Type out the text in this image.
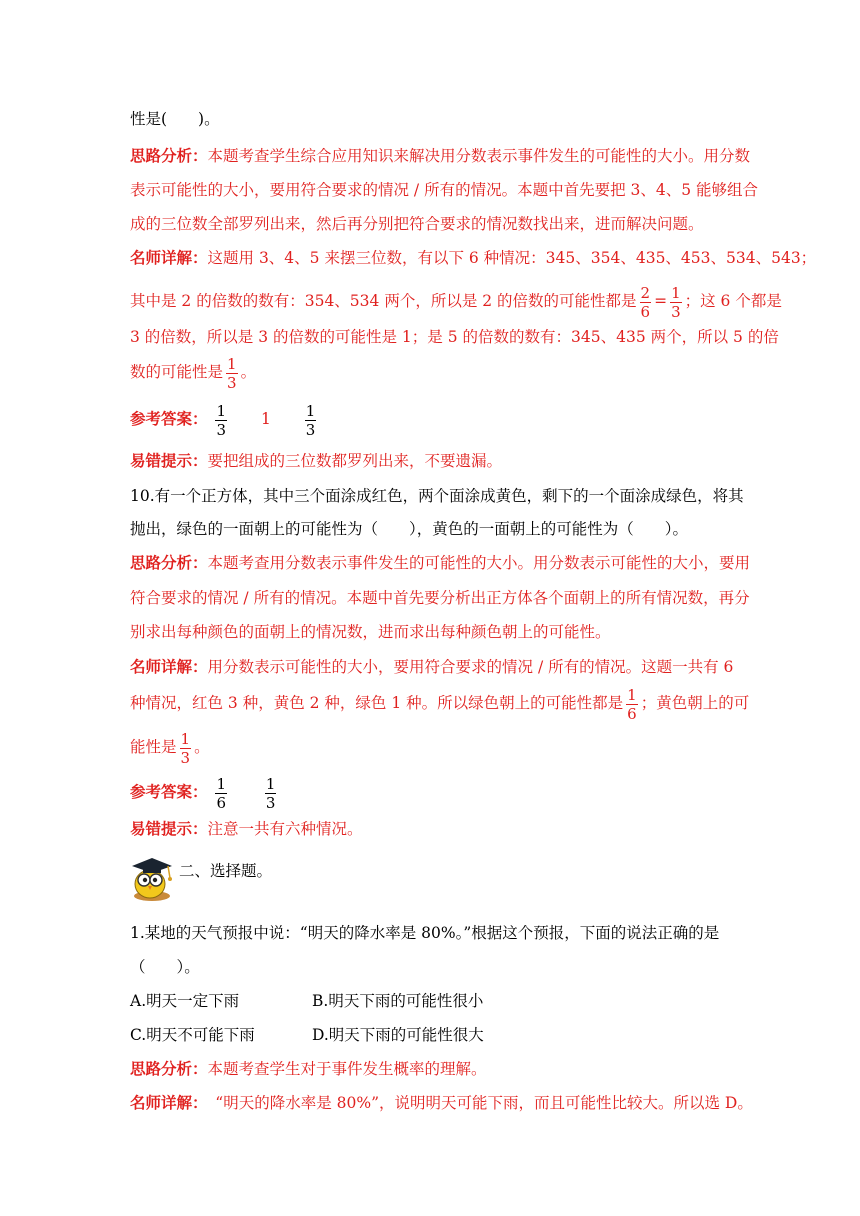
性是(　　)。
思路分析：本题考查学生综合应用知识来解决用分数表示事件发生的可能性的大小。用分数
表示可能性的大小，要用符合要求的情况 / 所有的情况。本题中首先要把 3、4、5 能够组合
成的三位数全部罗列出来，然后再分别把符合要求的情况数找出来，进而解决问题。
名师详解：这题用 3、4、5 来摆三位数，有以下 6 种情况：345、354、435、453、534、543；
其中是 2 的倍数的数有：354、534 两个，所以是 2 的倍数的可能性都是 $\frac{2}{6} = \frac{1}{3}$ ；这 6 个都是
3 的倍数，所以是 3 的倍数的可能性是 1；是 5 的倍数的数有：345、435 两个，所以 5 的倍
数的可能性是 $\frac{1}{3}$ 。
参考答案： $\frac{1}{3} 1 \frac{1}{3}$
易错提示：要把组成的三位数都罗列出来，不要遗漏。
10.有一个正方体，其中三个面涂成红色，两个面涂成黄色，剩下的一个面涂成绿色，将其
抛出，绿色的一面朝上的可能性为（　　），黄色的一面朝上的可能性为（　　）。
思路分析：本题考查用分数表示事件发生的可能性的大小。用分数表示可能性的大小，要用
符合要求的情况 / 所有的情况。本题中首先要分析出正方体各个面朝上的所有情况数，再分
别求出每种颜色的面朝上的情况数，进而求出每种颜色朝上的可能性。
名师详解：用分数表示可能性的大小，要用符合要求的情况 / 所有的情况。这题一共有 6
种情况，红色 3 种，黄色 2 种，绿色 1 种。所以绿色朝上的可能性都是 $\frac{1}{6}$ ；黄色朝上的可
能性是 $\frac{1}{3}$ 。
参考答案： $\frac{1}{6}$
	$\frac{1}{3}$
易错提示：注意一共有六种情况。
二、选择题。
1.某地的天气预报中说：“明天的降水率是 80%。”根据这个预报，下面的说法正确的是
（　　）。
A.明天一定下雨	B.明天下雨的可能性很小
C.明天不可能下雨	D.明天下雨的可能性很大
思路分析：本题考查学生对于事件发生概率的理解。
名师详解：　“明天的降水率是 80%”，说明明天可能下雨，而且可能性比较大。所以选 D。
